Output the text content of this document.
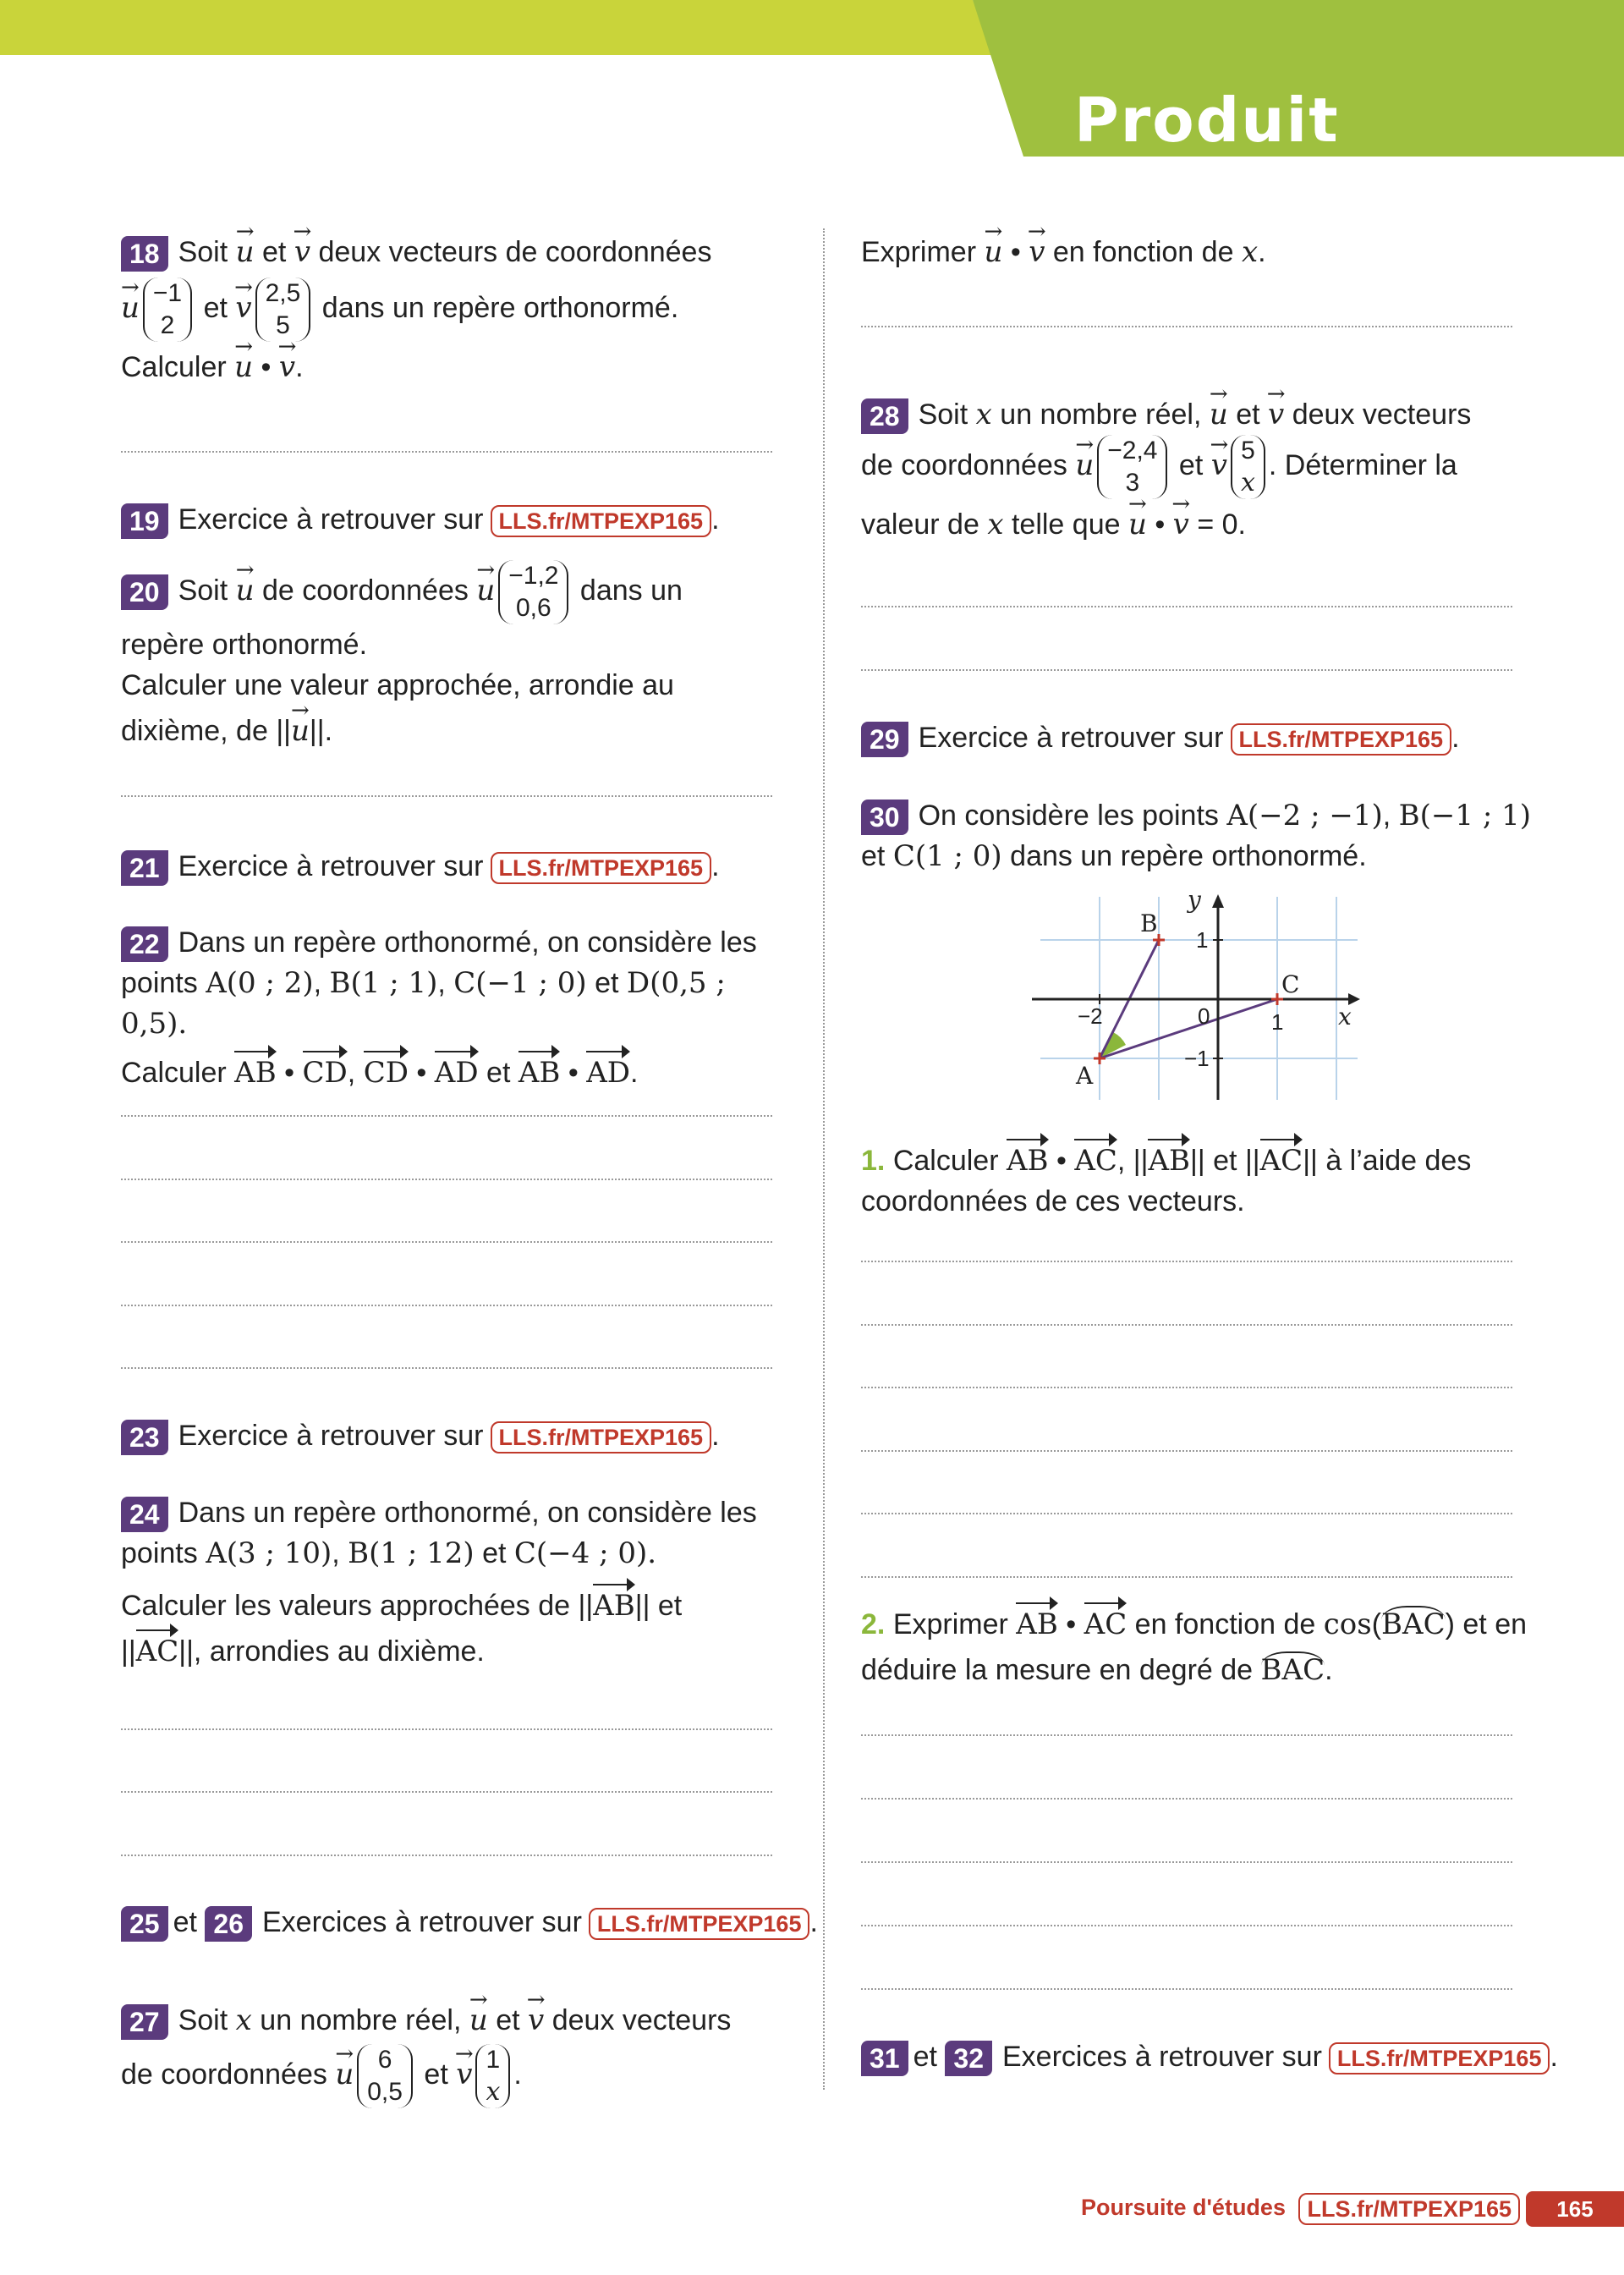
Produit scalaire
18 Soit → u et → v deux vecteurs de coordonnées
→ u −1
2 et → v 2,5
5 dans un repère orthonormé.
Calculer → u • → v.
19 Exercice à retrouver sur LLS.fr/MTPEXP165 .
20 Soit → u de coordonnées → u −1,2
0,6 dans un
repère orthonormé.
Calculer une valeur approchée, arrondie au
dixième, de ||→ u||.
21 Exercice à retrouver sur LLS.fr/MTPEXP165 .
22 Dans un repère orthonormé, on considère les
points A(0 ; 2), B(1 ; 1), C(−1 ; 0) et D(0,5 ; 0,5).
Calculer AB • CD, CD • AD et AB • AD.
23 Exercice à retrouver sur LLS.fr/MTPEXP165 .
24 Dans un repère orthonormé, on considère les
points A(3 ; 10), B(1 ; 12) et C(−4 ; 0).
Calculer les valeurs approchées de ||AB|| et
||AC||, arrondies au dixième.
25 et 26 Exercices à retrouver sur LLS.fr/MTPEXP165 .
27 Soit x un nombre réel, → u et → v deux vecteurs
de coordonnées → u 6
0,5 et → v 1
x.
Exprimer → u • → v en fonction de x.
28 Soit x un nombre réel, → u et → v deux vecteurs
de coordonnées → u −2,4
3 et → v 5
x. Déterminer la
valeur de x telle que → u • → v = 0.
29 Exercice à retrouver sur LLS.fr/MTPEXP165 .
30 On considère les points A(−2 ; −1), B(−1 ; 1)
et C(1 ; 0) dans un repère orthonormé.
y
x
B
C
A
−2	0	1
1
−1
1. Calculer AB • AC, ||AB|| et ||AC|| à l’aide des
coordonnées de ces vecteurs.
2. Exprimer AB • AC en fonction de cos(BAC) et en
déduire la mesure en degré de BAC.
31 et 32 Exercices à retrouver sur LLS.fr/MTPEXP165 .
Poursuite d'études LLS.fr/MTPEXP165	165
